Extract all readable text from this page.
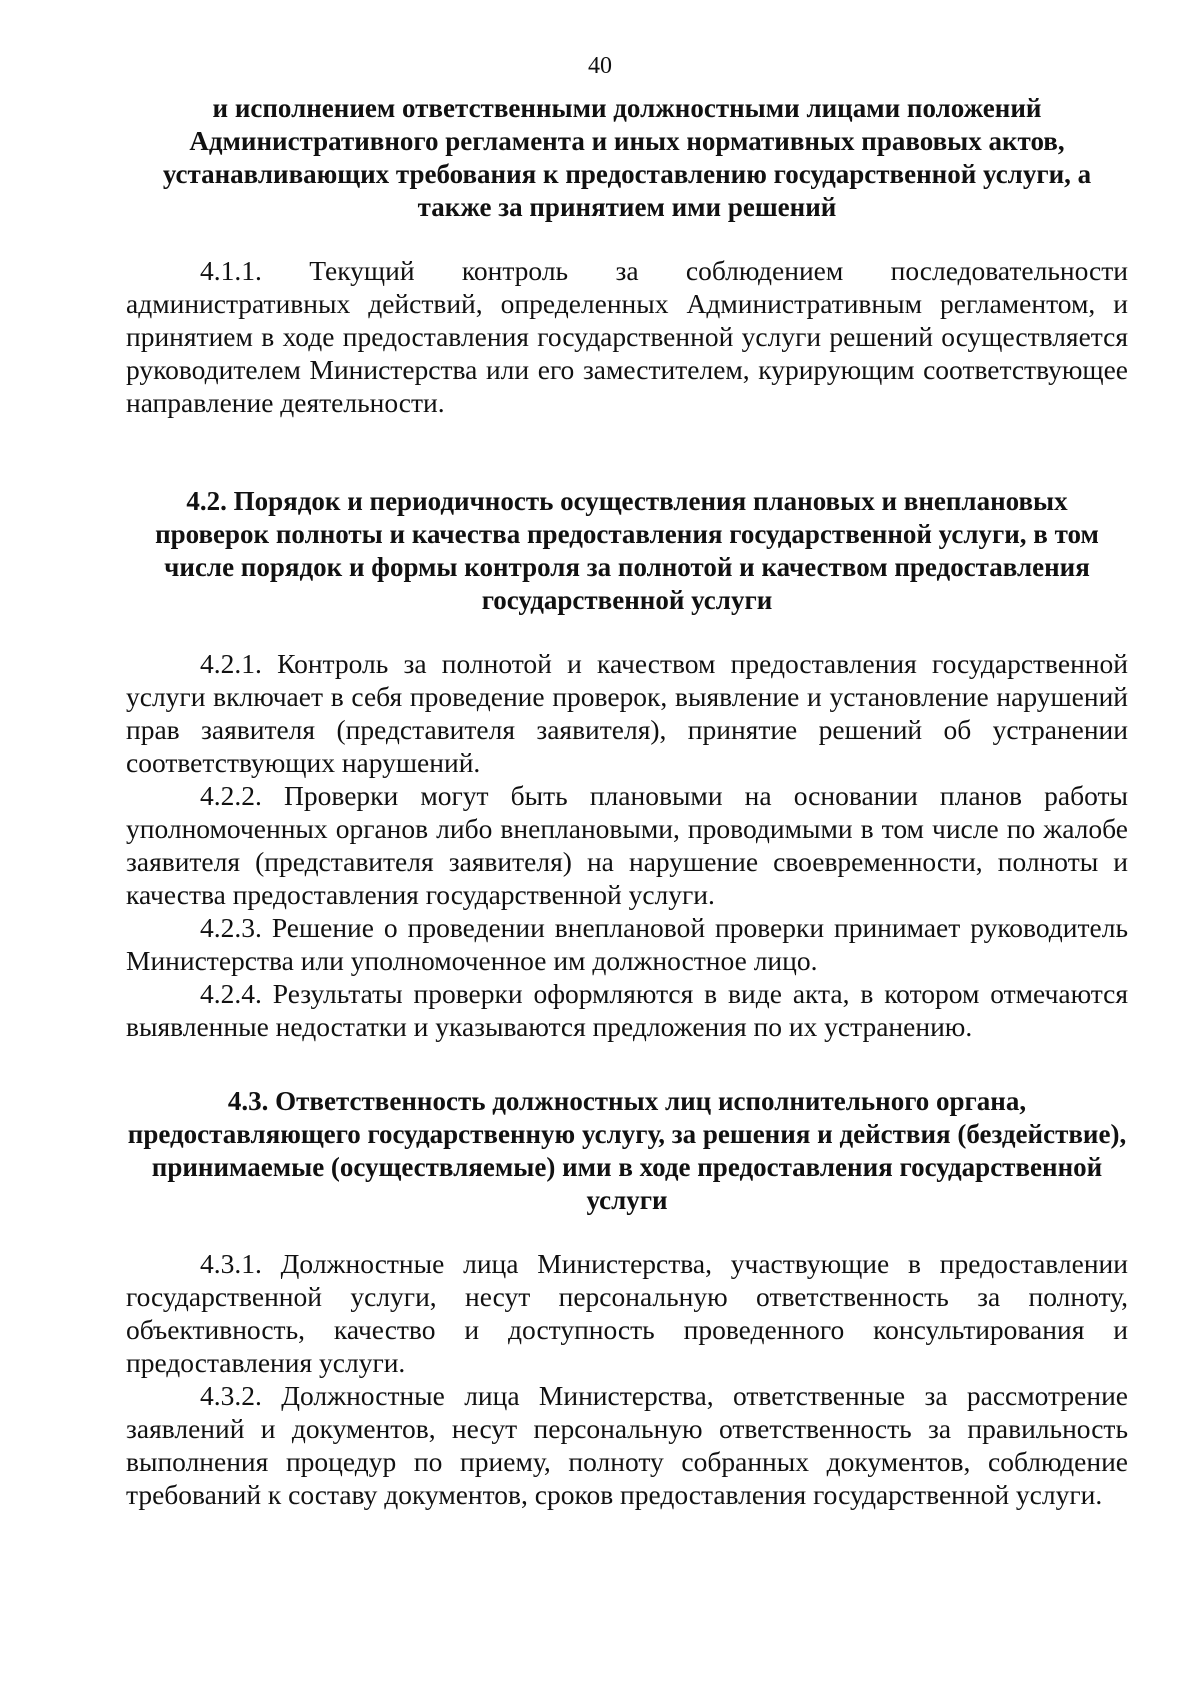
40

и исполнением ответственными должностными лицами положений Административного регламента и иных нормативных правовых актов, устанавливающих требования к предоставлению государственной услуги, а также за принятием ими решений

4.1.1. Текущий контроль за соблюдением последовательности административных действий, определенных Административным регламентом, и принятием в ходе предоставления государственной услуги решений осуществляется руководителем Министерства или его заместителем, курирующим соответствующее направление деятельности.

4.2. Порядок и периодичность осуществления плановых и внеплановых проверок полноты и качества предоставления государственной услуги, в том числе порядок и формы контроля за полнотой и качеством предоставления государственной услуги

4.2.1. Контроль за полнотой и качеством предоставления государственной услуги включает в себя проведение проверок, выявление и установление нарушений прав заявителя (представителя заявителя), принятие решений об устранении соответствующих нарушений.

4.2.2. Проверки могут быть плановыми на основании планов работы уполномоченных органов либо внеплановыми, проводимыми в том числе по жалобе заявителя (представителя заявителя) на нарушение своевременности, полноты и качества предоставления государственной услуги.

4.2.3. Решение о проведении внеплановой проверки принимает руководитель Министерства или уполномоченное им должностное лицо.

4.2.4. Результаты проверки оформляются в виде акта, в котором отмечаются выявленные недостатки и указываются предложения по их устранению.

4.3. Ответственность должностных лиц исполнительного органа, предоставляющего государственную услугу, за решения и действия (бездействие), принимаемые (осуществляемые) ими в ходе предоставления государственной услуги

4.3.1. Должностные лица Министерства, участвующие в предоставлении государственной услуги, несут персональную ответственность за полноту, объективность, качество и доступность проведенного консультирования и предоставления услуги.

4.3.2. Должностные лица Министерства, ответственные за рассмотрение заявлений и документов, несут персональную ответственность за правильность выполнения процедур по приему, полноту собранных документов, соблюдение требований к составу документов, сроков предоставления государственной услуги.
